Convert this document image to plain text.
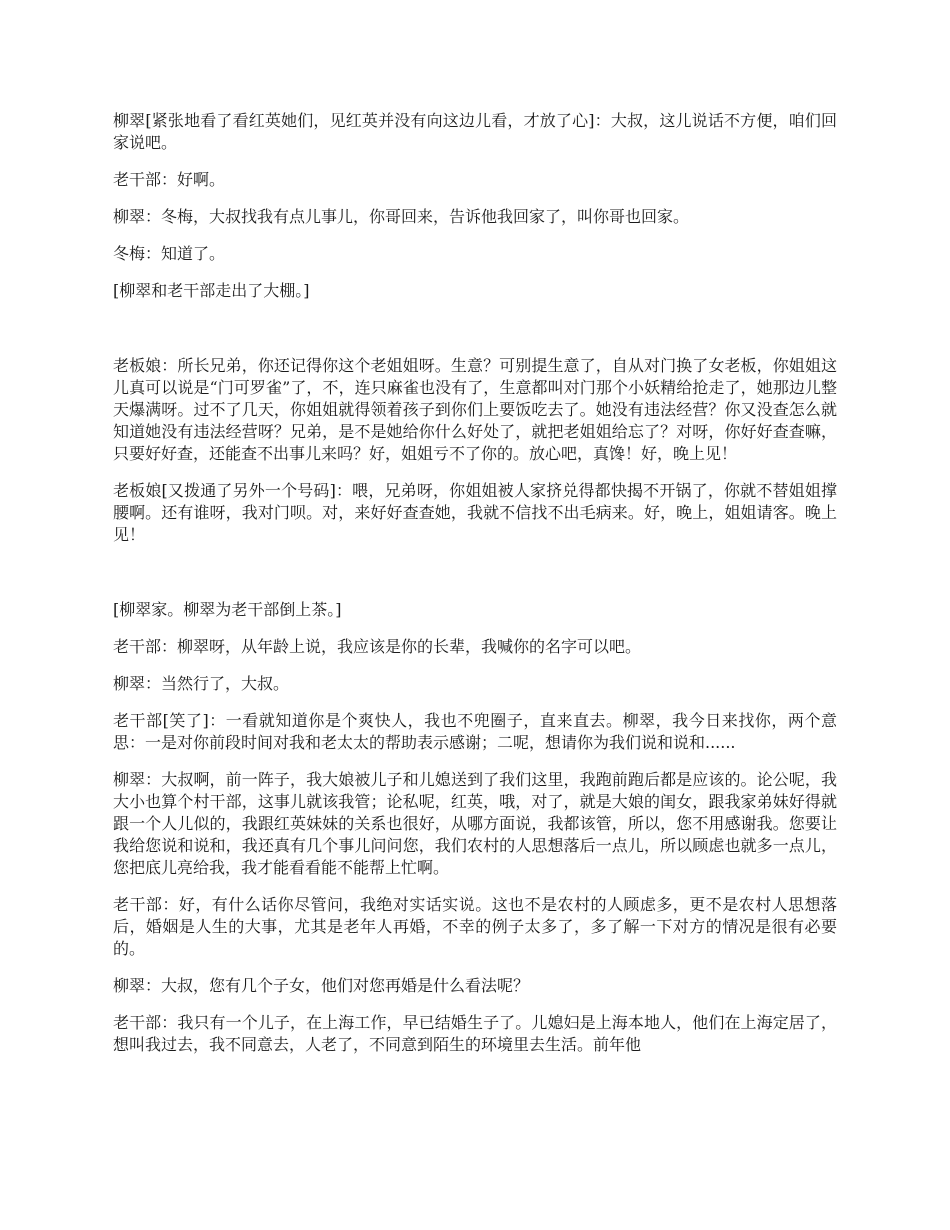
柳翠[紧张地看了看红英她们，见红英并没有向这边儿看，才放了心]：大叔，这儿说话不方便，咱们回家说吧。

老干部：好啊。

柳翠：冬梅，大叔找我有点儿事儿，你哥回来，告诉他我回家了，叫你哥也回家。

冬梅：知道了。

[柳翠和老干部走出了大棚。]

老板娘：所长兄弟，你还记得你这个老姐姐呀。生意？可别提生意了，自从对门换了女老板，你姐姐这儿真可以说是“门可罗雀”了，不，连只麻雀也没有了，生意都叫对门那个小妖精给抢走了，她那边儿整天爆满呀。过不了几天，你姐姐就得领着孩子到你们上要饭吃去了。她没有违法经营？你又没查怎么就知道她没有违法经营呀？兄弟，是不是她给你什么好处了，就把老姐姐给忘了？对呀，你好好查查嘛，只要好好查，还能查不出事儿来吗？好，姐姐亏不了你的。放心吧，真馋！好，晚上见！

老板娘[又拨通了另外一个号码]：喂，兄弟呀，你姐姐被人家挤兑得都快揭不开锅了，你就不替姐姐撑腰啊。还有谁呀，我对门呗。对，来好好查查她，我就不信找不出毛病来。好，晚上，姐姐请客。晚上见！

[柳翠家。柳翠为老干部倒上茶。]

老干部：柳翠呀，从年龄上说，我应该是你的长辈，我喊你的名字可以吧。

柳翠：当然行了，大叔。

老干部[笑了]：一看就知道你是个爽快人，我也不兜圈子，直来直去。柳翠，我今日来找你，两个意思：一是对你前段时间对我和老太太的帮助表示感谢；二呢，想请你为我们说和说和......

柳翠：大叔啊，前一阵子，我大娘被儿子和儿媳送到了我们这里，我跑前跑后都是应该的。论公呢，我大小也算个村干部，这事儿就该我管；论私呢，红英，哦，对了，就是大娘的闺女，跟我家弟妹好得就跟一个人儿似的，我跟红英妹妹的关系也很好，从哪方面说，我都该管，所以，您不用感谢我。您要让我给您说和说和，我还真有几个事儿问问您，我们农村的人思想落后一点儿，所以顾虑也就多一点儿，您把底儿亮给我，我才能看看能不能帮上忙啊。

老干部：好，有什么话你尽管问，我绝对实话实说。这也不是农村的人顾虑多，更不是农村人思想落后，婚姻是人生的大事，尤其是老年人再婚，不幸的例子太多了，多了解一下对方的情况是很有必要的。

柳翠：大叔，您有几个子女，他们对您再婚是什么看法呢？

老干部：我只有一个儿子，在上海工作，早已结婚生子了。儿媳妇是上海本地人，他们在上海定居了，想叫我过去，我不同意去，人老了，不同意到陌生的环境里去生活。前年他
